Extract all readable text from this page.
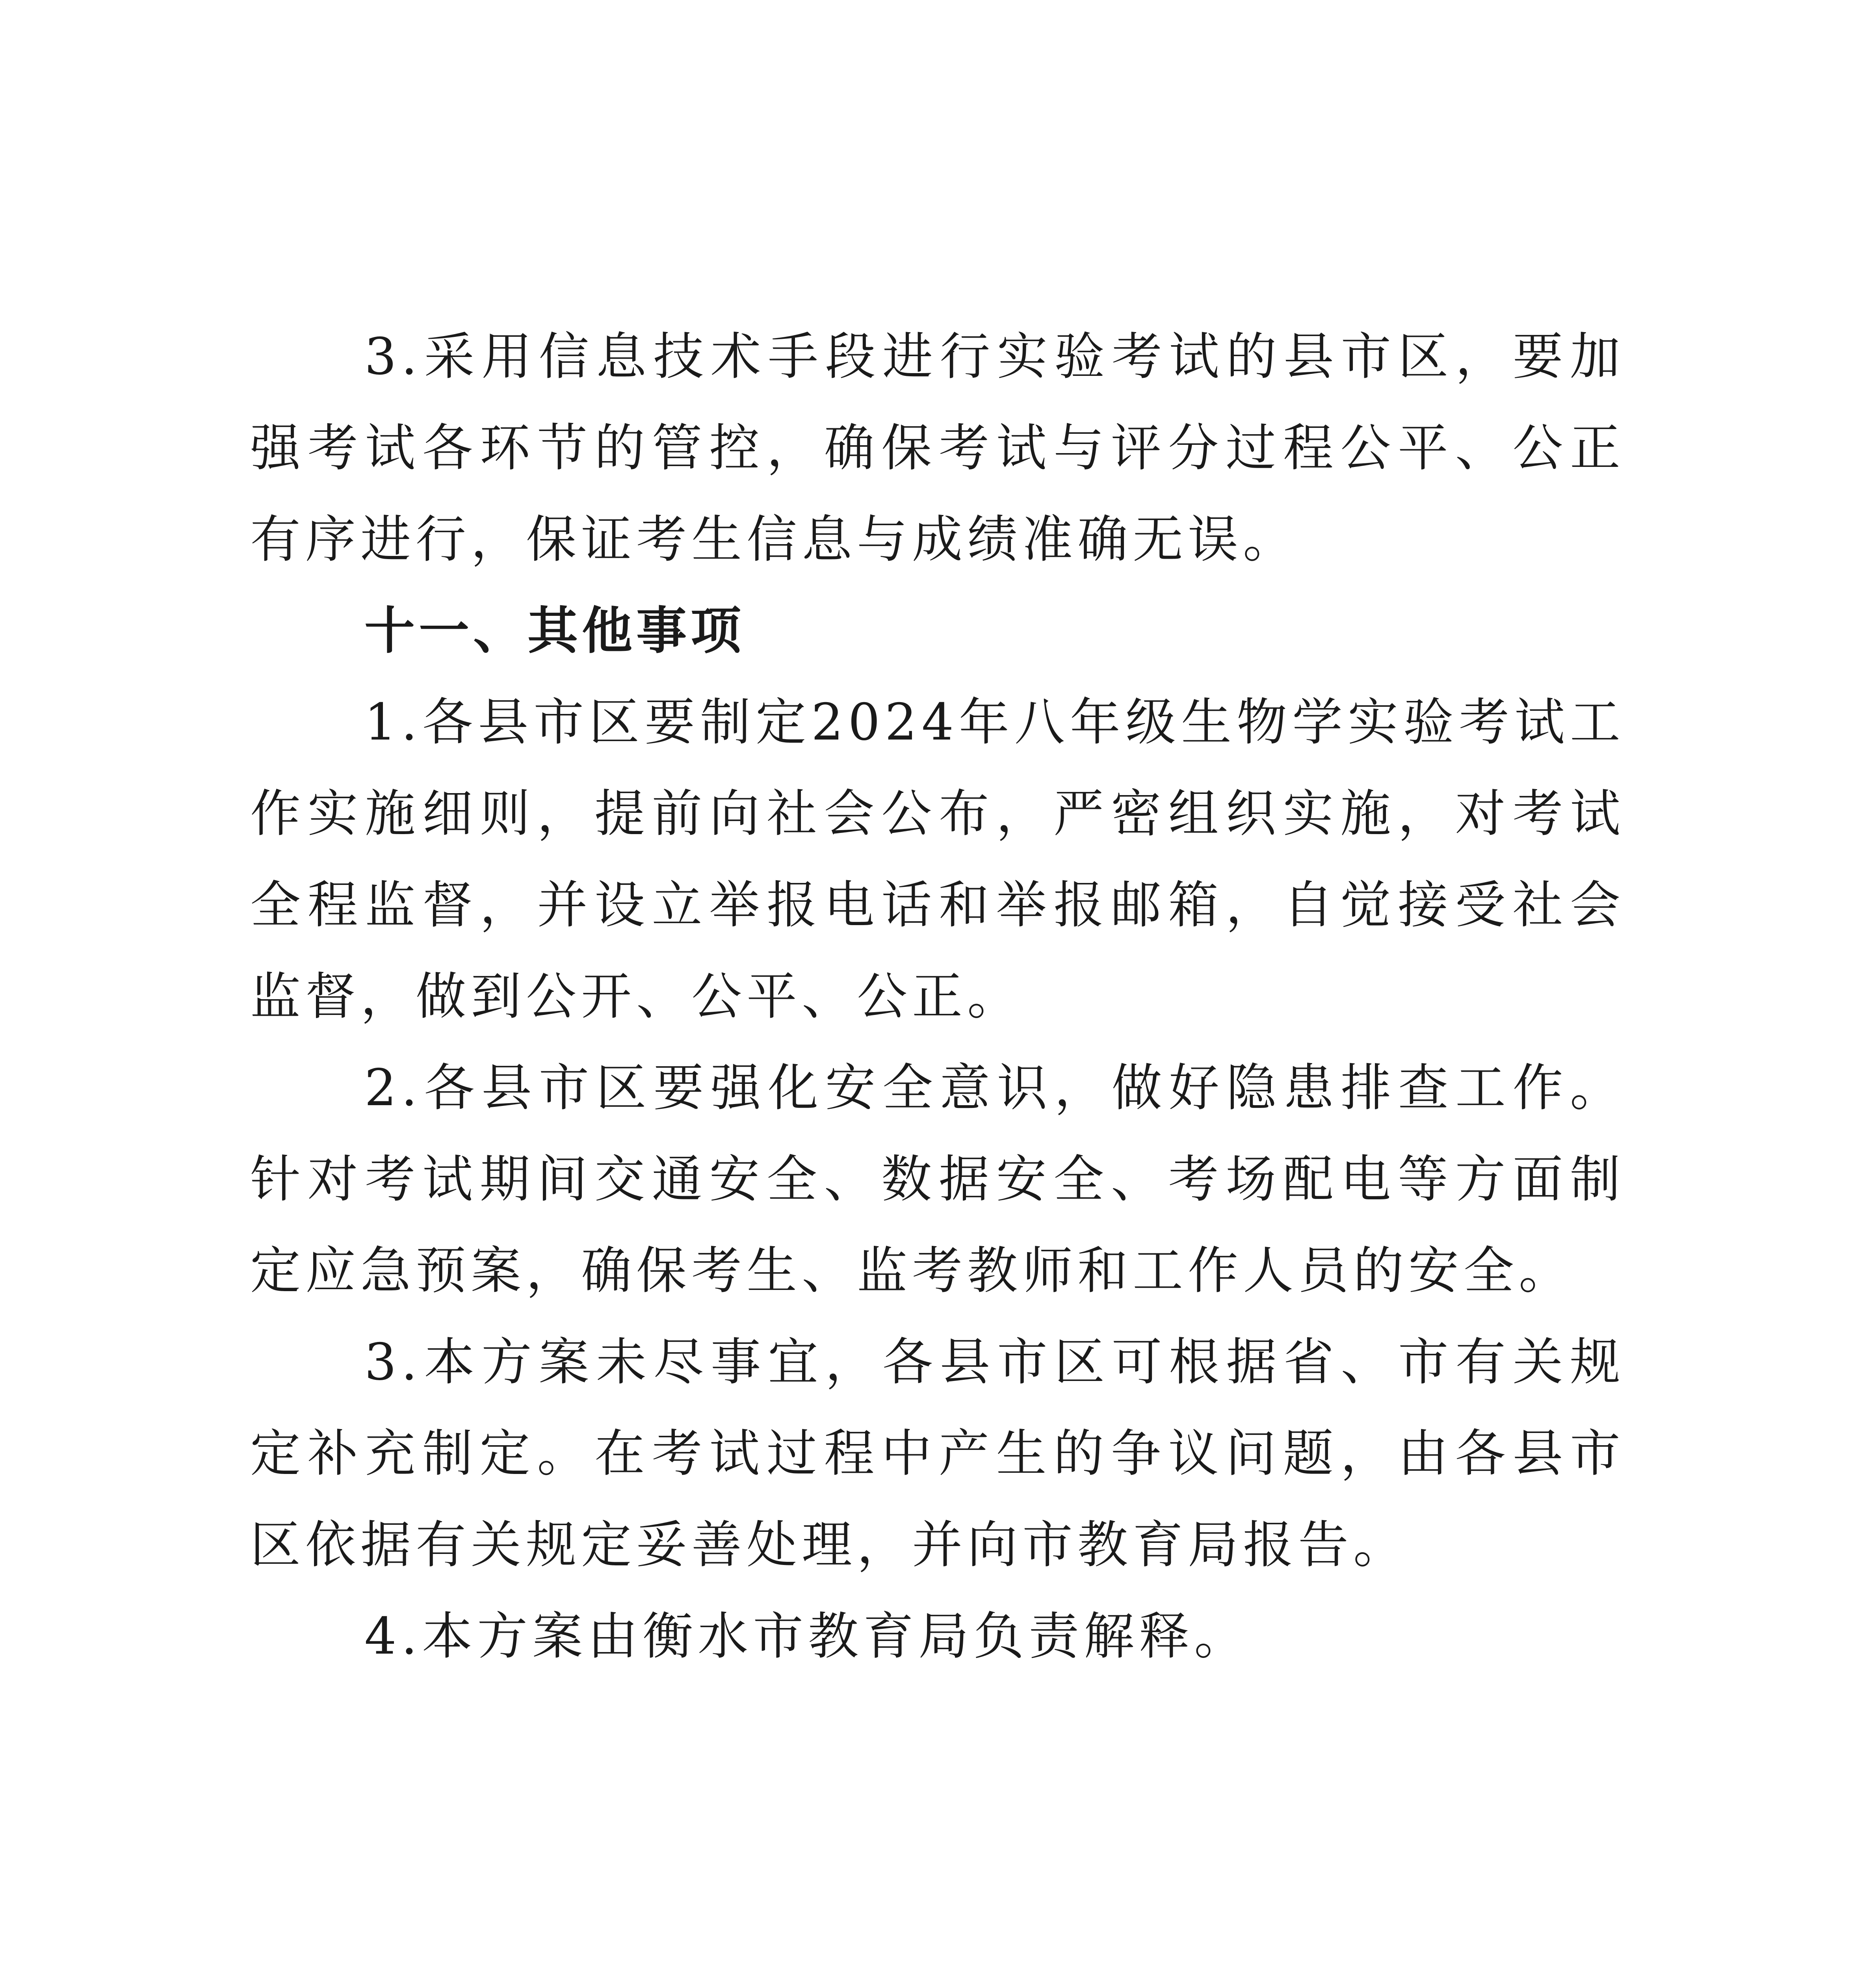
3.采用信息技术手段进行实验考试的县市区，要加强考试各环节的管控，确保考试与评分过程公平、公正有序进行，保证考生信息与成绩准确无误。

十一、其他事项

1.各县市区要制定2024年八年级生物学实验考试工作实施细则，提前向社会公布，严密组织实施，对考试全程监督，并设立举报电话和举报邮箱，自觉接受社会监督，做到公开、公平、公正。

2.各县市区要强化安全意识，做好隐患排查工作。针对考试期间交通安全、数据安全、考场配电等方面制定应急预案，确保考生、监考教师和工作人员的安全。

3.本方案未尽事宜，各县市区可根据省、市有关规定补充制定。在考试过程中产生的争议问题，由各县市区依据有关规定妥善处理，并向市教育局报告。

4.本方案由衡水市教育局负责解释。
